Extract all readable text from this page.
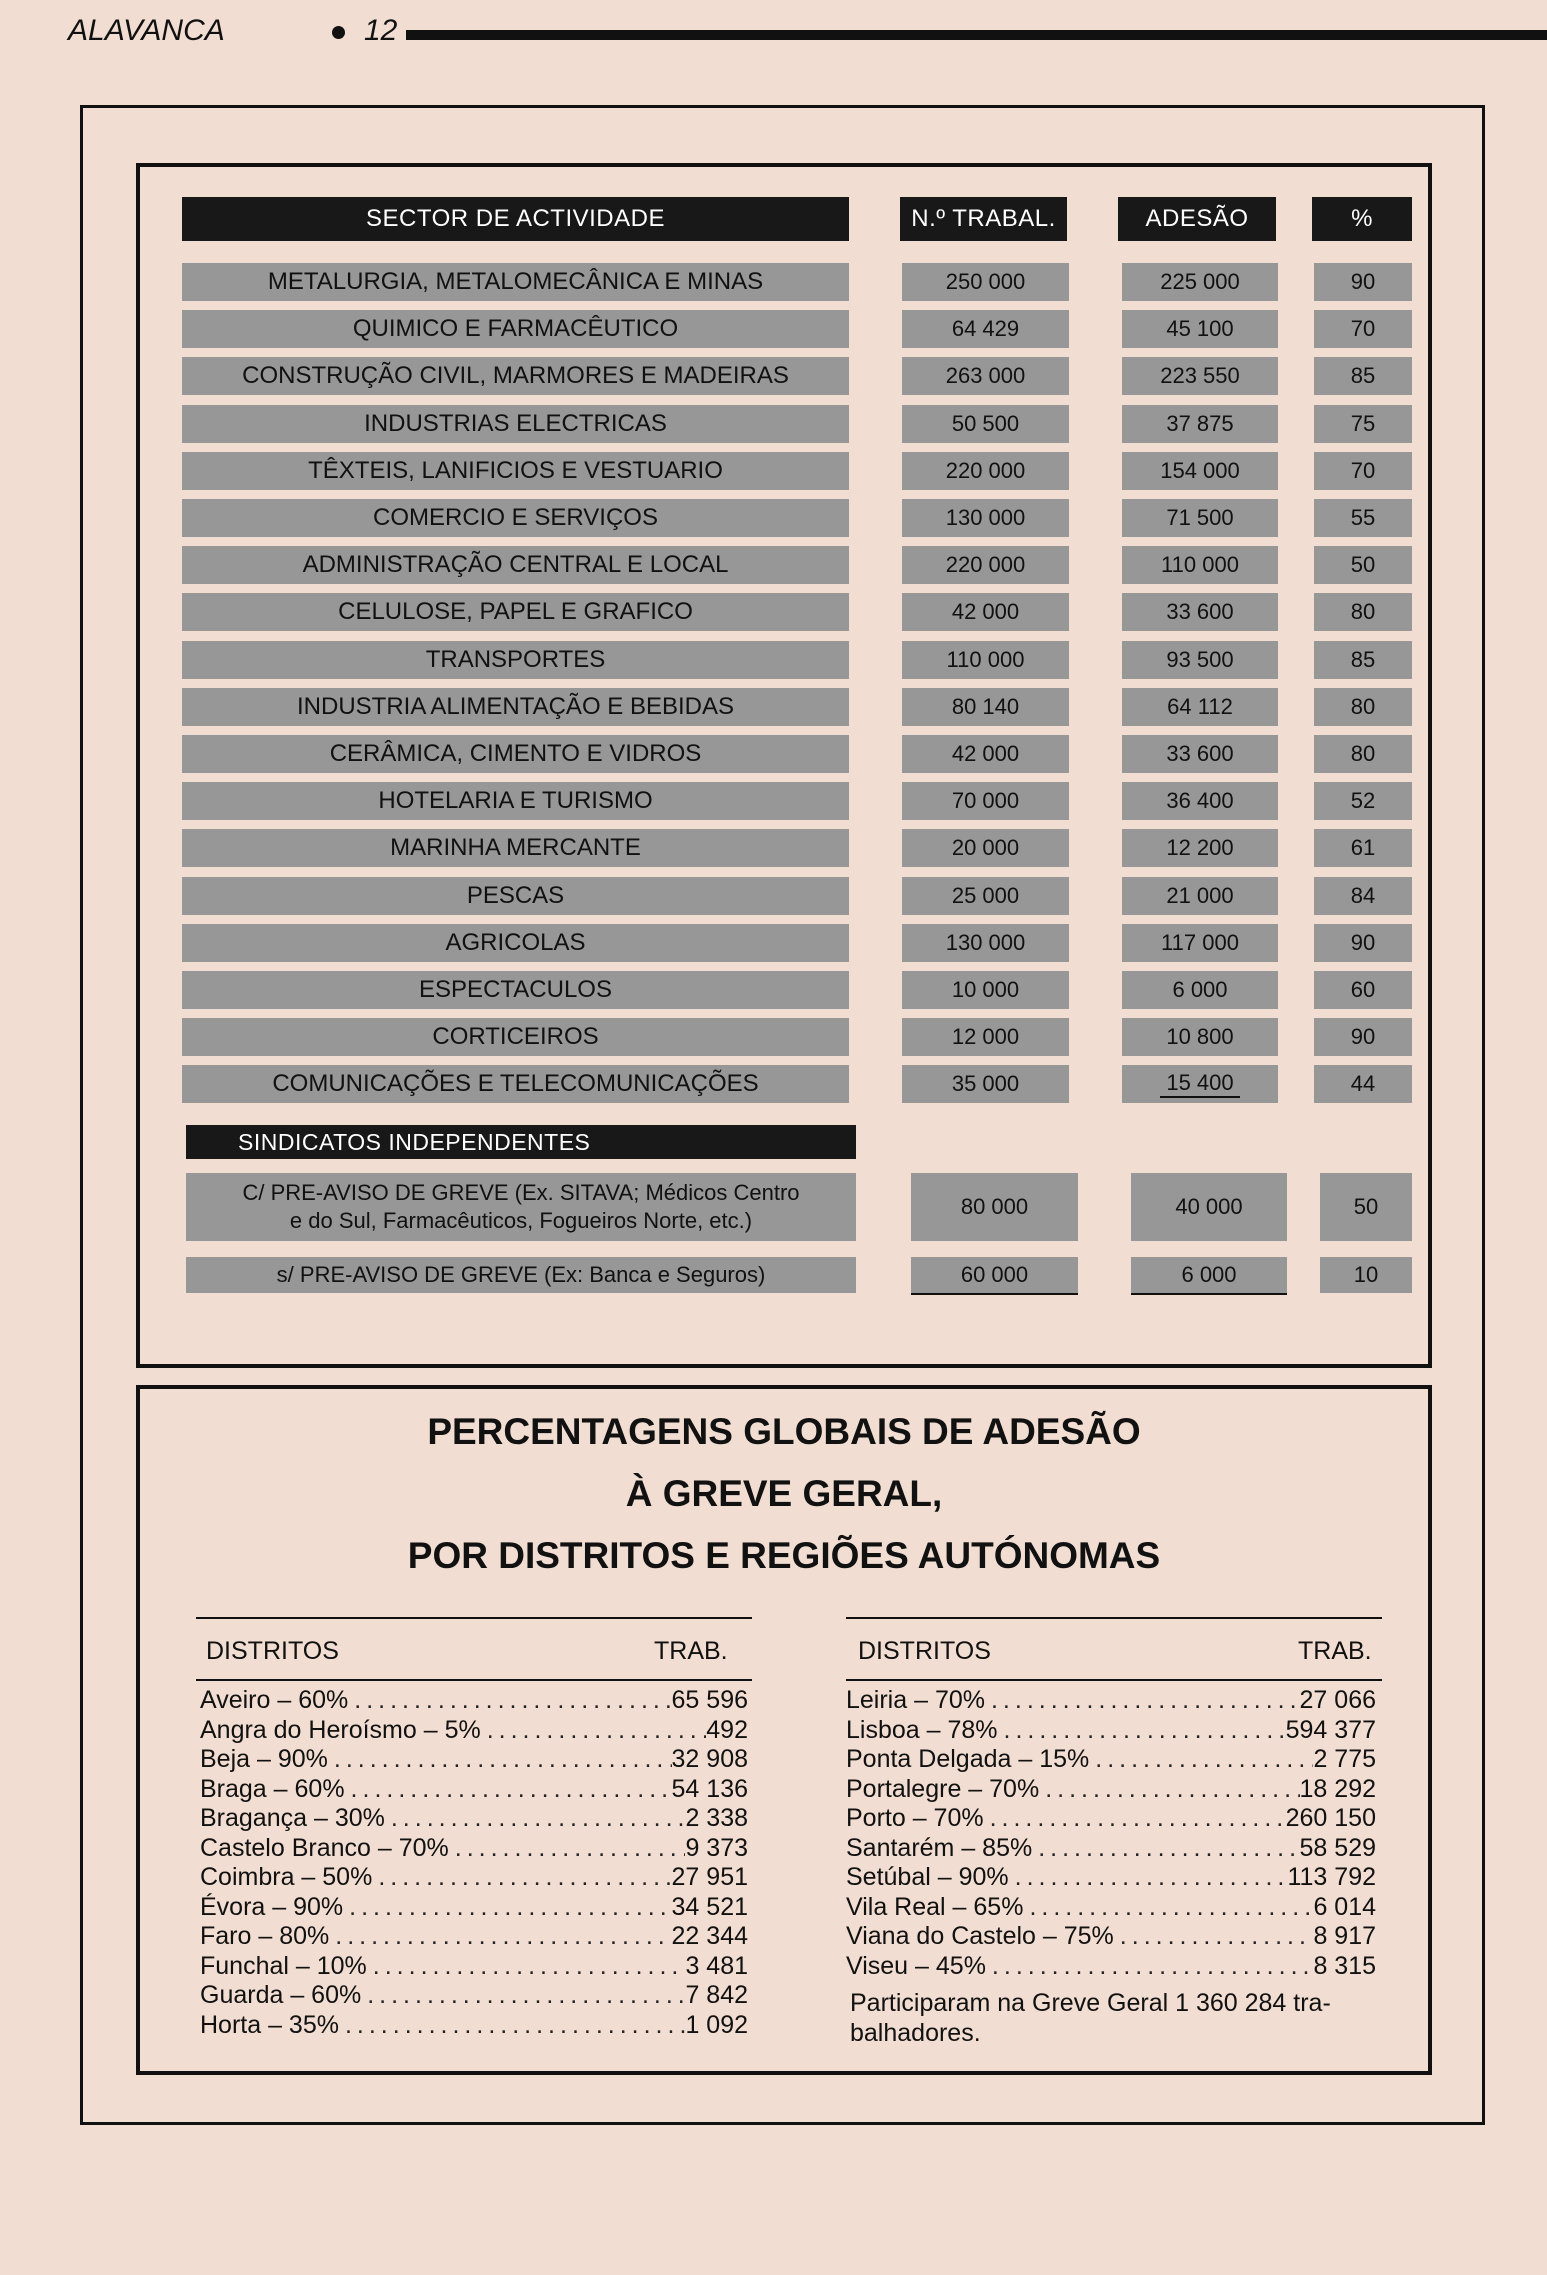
ALAVANCA	12
SECTOR DE ACTIVIDADE	N.º TRABAL.	ADESÃO	%
METALURGIA, METALOMECÂNICA E MINAS	250 000	225 000	90
QUIMICO E FARMACÊUTICO	64 429	45 100	70
CONSTRUÇÃO CIVIL, MARMORES E MADEIRAS	263 000	223 550	85
INDUSTRIAS ELECTRICAS	50 500	37 875	75
TÊXTEIS, LANIFICIOS E VESTUARIO	220 000	154 000	70
COMERCIO E SERVIÇOS	130 000	71 500	55
ADMINISTRAÇÃO CENTRAL E LOCAL	220 000	110 000	50
CELULOSE, PAPEL E GRAFICO	42 000	33 600	80
TRANSPORTES	110 000	93 500	85
INDUSTRIA ALIMENTAÇÃO E BEBIDAS	80 140	64 112	80
CERÂMICA, CIMENTO E VIDROS	42 000	33 600	80
HOTELARIA E TURISMO	70 000	36 400	52
MARINHA MERCANTE	20 000	12 200	61
PESCAS	25 000	21 000	84
AGRICOLAS	130 000	117 000	90
ESPECTACULOS	10 000	6 000	60
CORTICEIROS	12 000	10 800	90
COMUNICAÇÕES E TELECOMUNICAÇÕES	35 000	15 400	44
SINDICATOS INDEPENDENTES
C/ PRE-AVISO DE GREVE (Ex. SITAVA; Médicos Centro
e do Sul, Farmacêuticos, Fogueiros Norte, etc.)
80 000	40 000	50
s/ PRE-AVISO DE GREVE (Ex: Banca e Seguros)	60 000	6 000	10
PERCENTAGENS GLOBAIS DE ADESÃO
À GREVE GERAL,
POR DISTRITOS E REGIÕES AUTÓNOMAS
DISTRITOS	TRAB.
Aveiro – 60% .....	65 596
Angra do Heroísmo – 5% .....	492
Beja – 90% .....	32 908
Braga – 60% .....	54 136
Bragança – 30% .....	2 338
Castelo Branco – 70% .....	9 373
Coimbra – 50% .....	27 951
Évora – 90% .....	34 521
Faro – 80% .....	22 344
Funchal – 10% .....	3 481
Guarda – 60% .....	7 842
Horta – 35% .....	1 092
DISTRITOS	TRAB.
Leiria – 70% .....	27 066
Lisboa – 78% .....	594 377
Ponta Delgada – 15% .....	2 775
Portalegre – 70% .....	18 292
Porto – 70% .....	260 150
Santarém – 85% .....	58 529
Setúbal – 90% .....	113 792
Vila Real – 65% .....	6 014
Viana do Castelo – 75% .....	8 917
Viseu – 45% .....	8 315
Participaram na Greve Geral 1 360 284 tra-
balhadores.
